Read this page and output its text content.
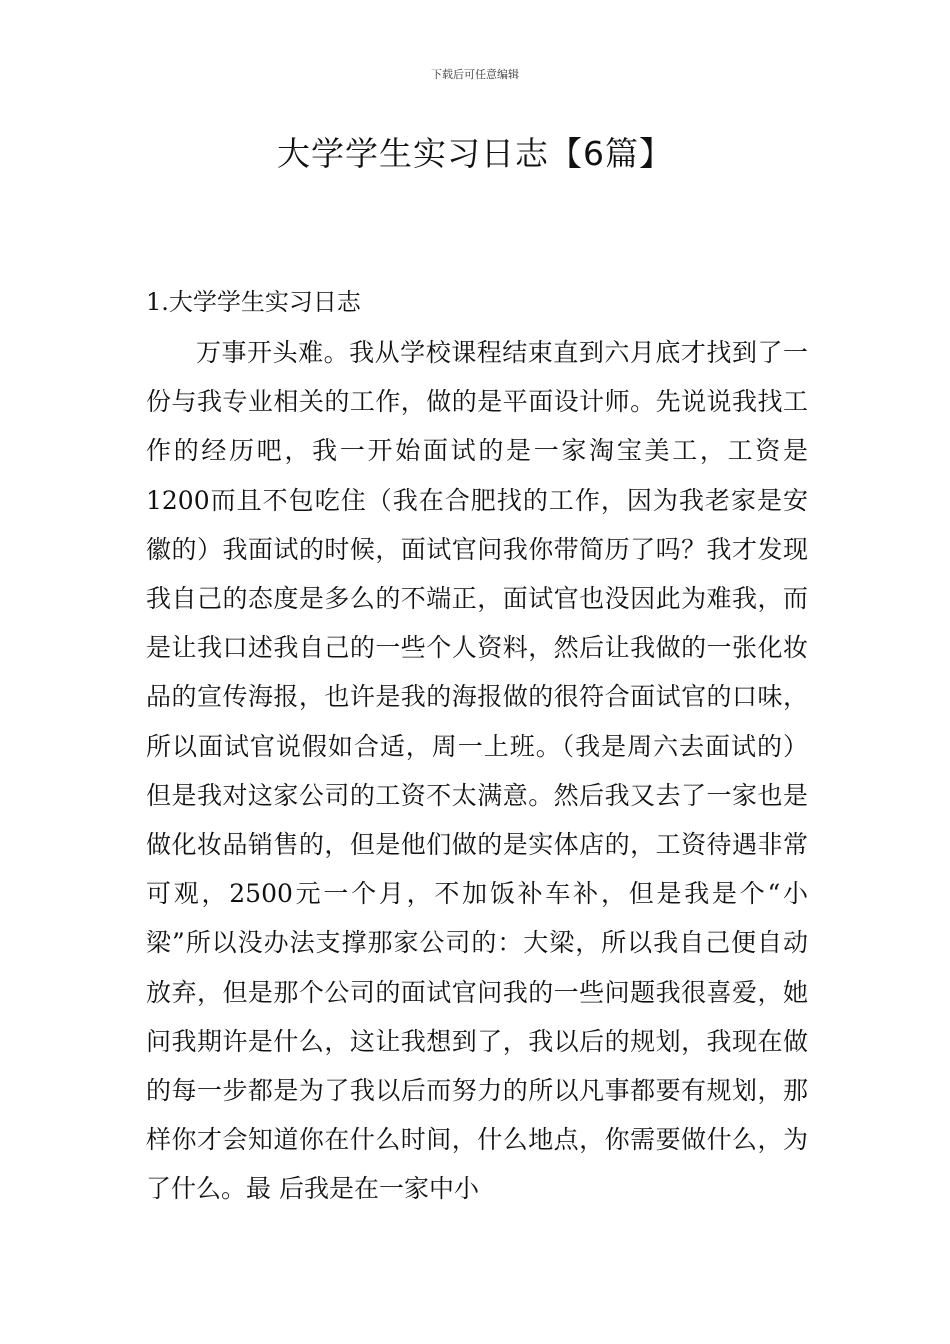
下载后可任意编辑
大学学生实习日志【6篇】
1.大学学生实习日志

万事开头难。我从学校课程结束直到六月底才找到了一份与我专业相关的工作，做的是平面设计师。先说说我找工作的经历吧，我一开始面试的是一家淘宝美工，工资是1200而且不包吃住（我在合肥找的工作，因为我老家是安徽的）我面试的时候，面试官问我你带简历了吗？我才发现我自己的态度是多么的不端正，面试官也没因此为难我，而是让我口述我自己的一些个人资料，然后让我做的一张化妆品的宣传海报，也许是我的海报做的很符合面试官的口味，所以面试官说假如合适，周一上班。（我是周六去面试的）但是我对这家公司的工资不太满意。然后我又去了一家也是做化妆品销售的，但是他们做的是实体店的，工资待遇非常可观，2500元一个月，不加饭补车补，但是我是个“小梁”所以没办法支撑那家公司的：大梁，所以我自己便自动放弃，但是那个公司的面试官问我的一些问题我很喜爱，她问我期许是什么，这让我想到了，我以后的规划，我现在做的每一步都是为了我以后而努力的所以凡事都要有规划，那样你才会知道你在什么时间，什么地点，你需要做什么，为了什么。最 后我是在一家中小
